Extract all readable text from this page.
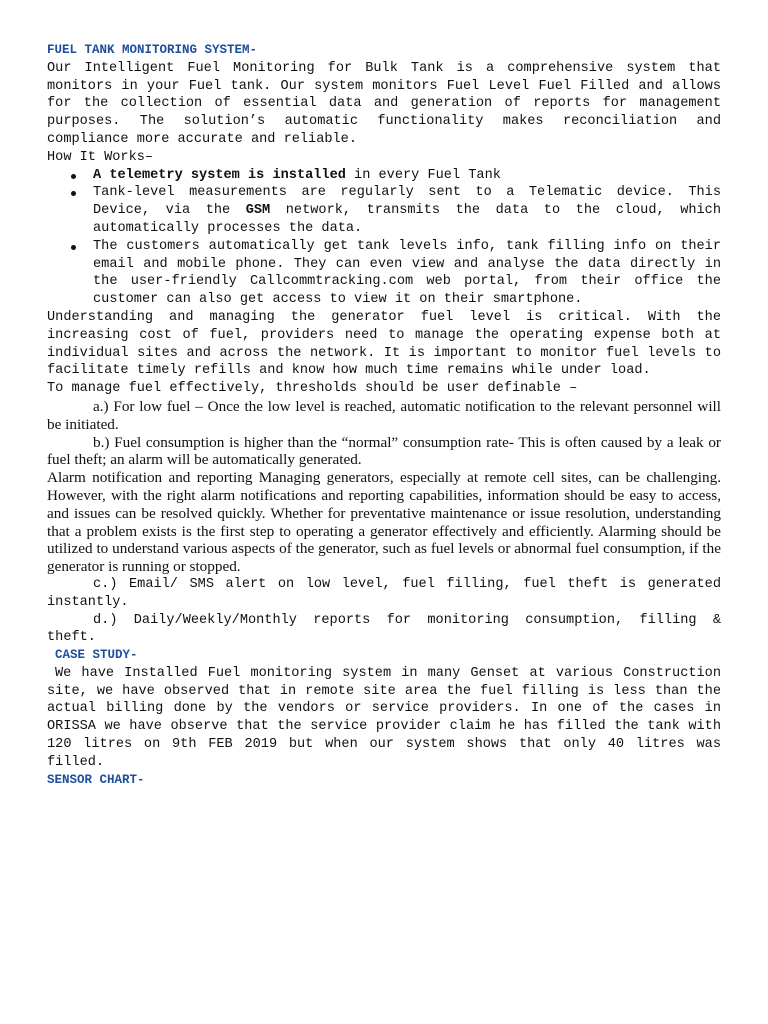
FUEL TANK MONITORING SYSTEM-

Our Intelligent Fuel Monitoring for Bulk Tank is a comprehensive system that monitors in your Fuel tank. Our system monitors Fuel Level Fuel Filled and allows for the collection of essential data and generation of reports for management purposes. The solution’s automatic functionality makes reconciliation and compliance more accurate and reliable.

How It Works–
A telemetry system is installed in every Fuel Tank
Tank-level measurements are regularly sent to a Telematic device. This Device, via the GSM network, transmits the data to the cloud, which automatically processes the data.
The customers automatically get tank levels info, tank filling info on their email and mobile phone. They can even view and analyse the data directly in the user-friendly Callcommtracking.com web portal, from their office the customer can also get access to view it on their smartphone.

Understanding and managing the generator fuel level is critical. With the increasing cost of fuel, providers need to manage the operating expense both at individual sites and across the network. It is important to monitor fuel levels to facilitate timely refills and know how much time remains while under load.

To manage fuel effectively, thresholds should be user definable –

a.) For low fuel – Once the low level is reached, automatic notification to the relevant personnel will be initiated.

b.) Fuel consumption is higher than the “normal” consumption rate- This is often caused by a leak or fuel theft; an alarm will be automatically generated.

Alarm notification and reporting Managing generators, especially at remote cell sites, can be challenging. However, with the right alarm notifications and reporting capabilities, information should be easy to access, and issues can be resolved quickly. Whether for preventative maintenance or issue resolution, understanding that a problem exists is the first step to operating a generator effectively and efficiently. Alarming should be utilized to understand various aspects of the generator, such as fuel levels or abnormal fuel consumption, if the generator is running or stopped.

c.) Email/ SMS alert on low level, fuel filling, fuel theft is generated instantly.

d.) Daily/Weekly/Monthly reports for monitoring consumption, filling & theft.

CASE STUDY-

We have Installed Fuel monitoring system in many Genset at various Construction site, we have observed that in remote site area the fuel filling is less than the actual billing done by the vendors or service providers. In one of the cases in ORISSA we have observe that the service provider claim he has filled the tank with 120 litres on 9th FEB 2019 but when our system shows that only 40 litres was filled.

SENSOR CHART-
